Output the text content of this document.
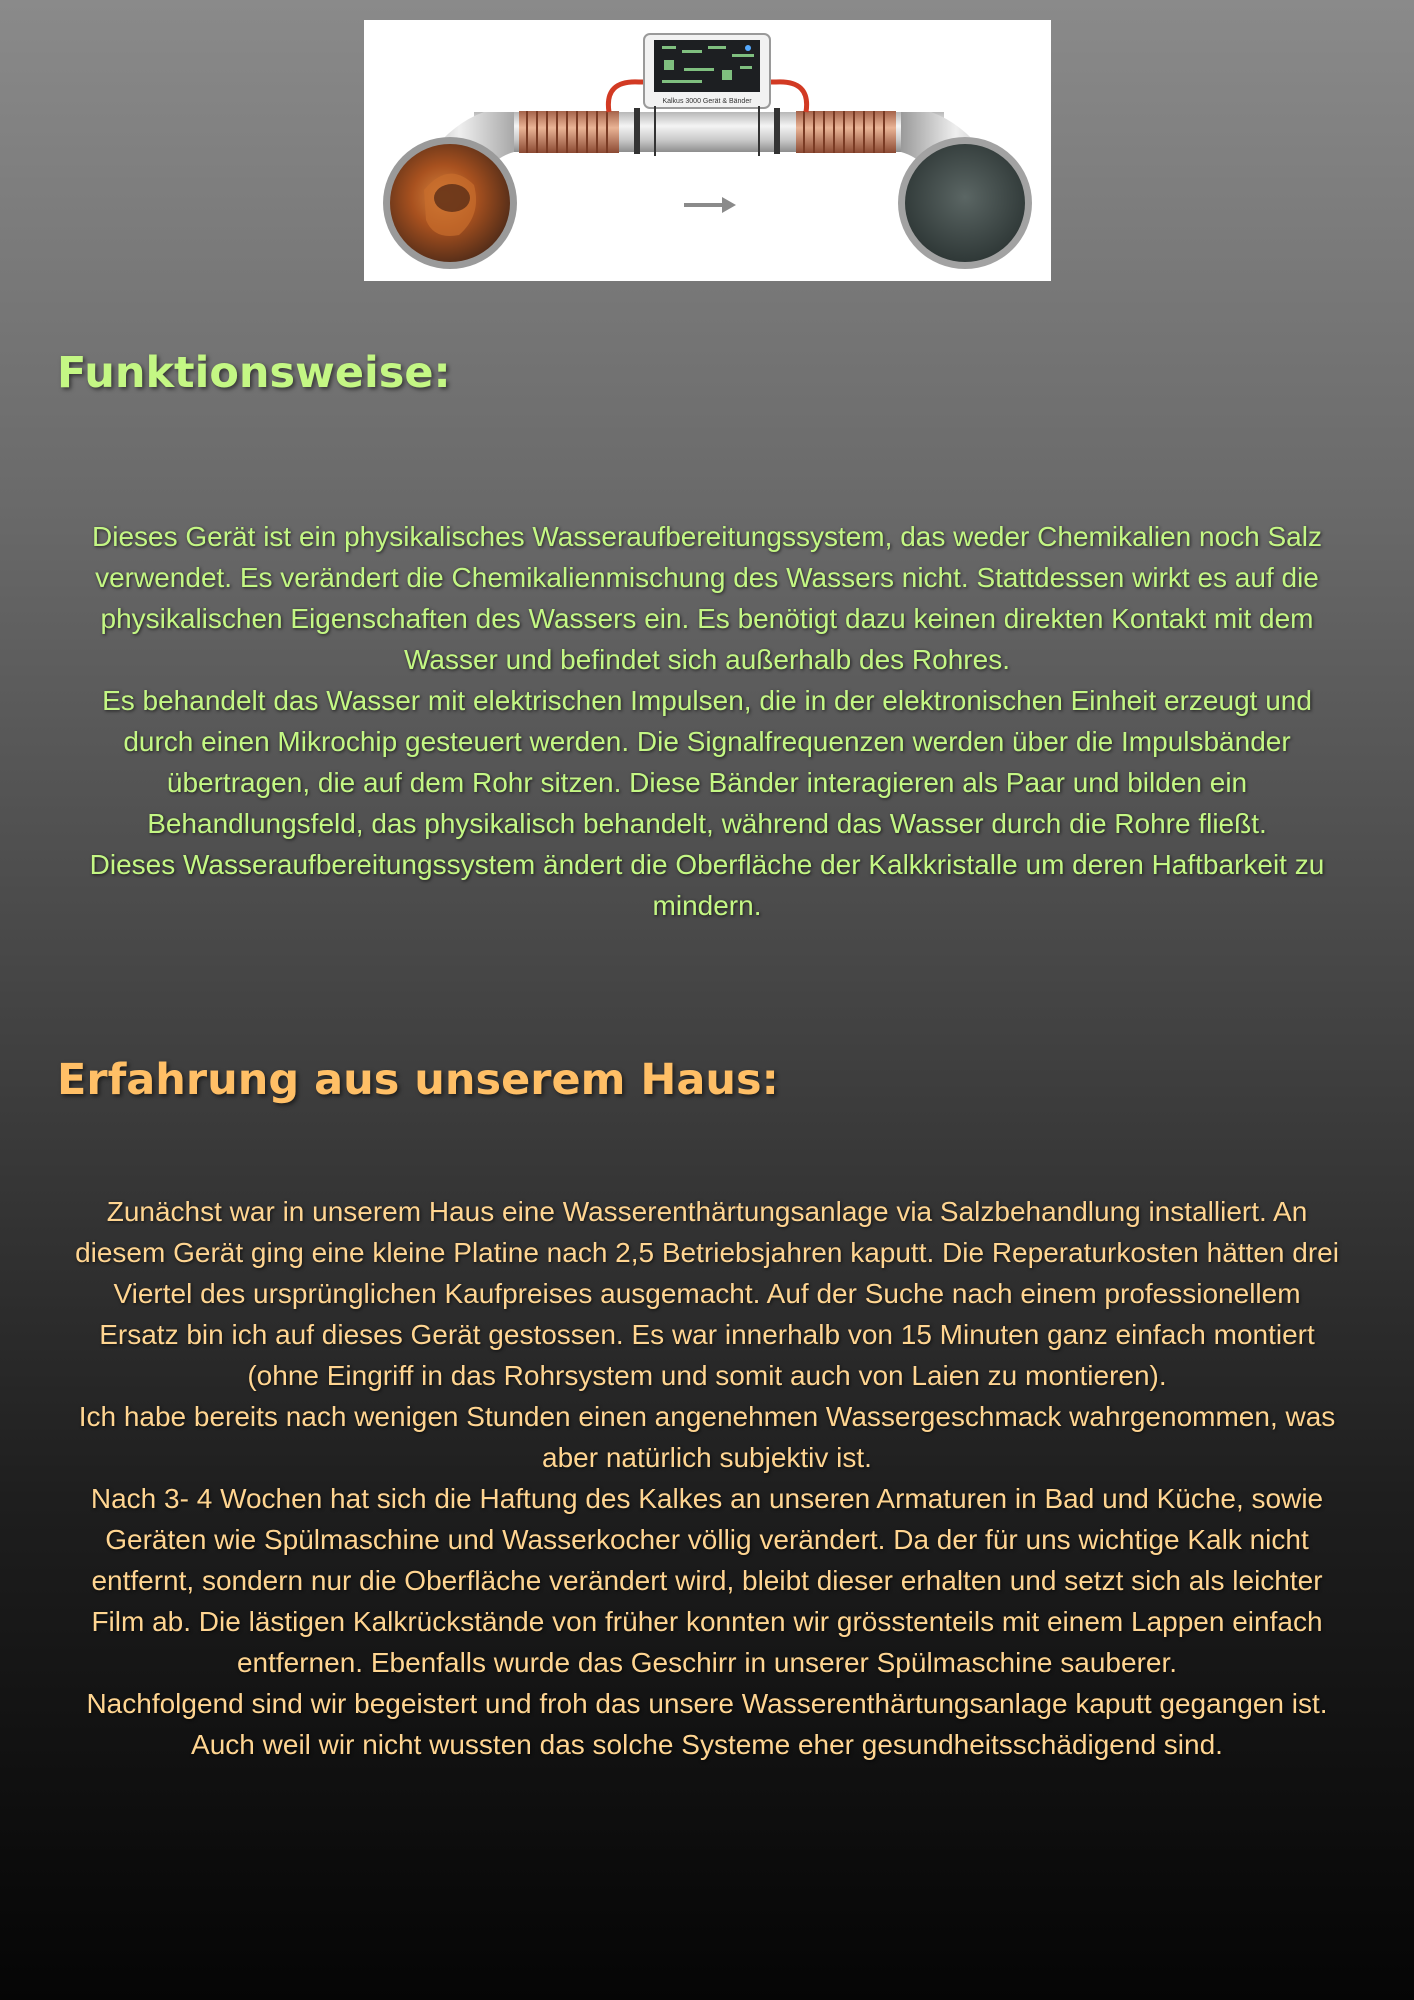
Kalkus 3000 Gerät & Bänder
Funktionsweise:

Dieses Gerät ist ein physikalisches Wasseraufbereitungssystem, das weder Chemikalien noch Salz verwendet. Es verändert die Chemikalienmischung des Wassers nicht. Stattdessen wirkt es auf die physikalischen Eigenschaften des Wassers ein. Es benötigt dazu keinen direkten Kontakt mit dem Wasser und befindet sich außerhalb des Rohres.

Es behandelt das Wasser mit elektrischen Impulsen, die in der elektronischen Einheit erzeugt und durch einen Mikrochip gesteuert werden. Die Signalfrequenzen werden über die Impulsbänder übertragen, die auf dem Rohr sitzen. Diese Bänder interagieren als Paar und bilden ein Behandlungsfeld, das physikalisch behandelt, während das Wasser durch die Rohre fließt.

Dieses Wasseraufbereitungssystem ändert die Oberfläche der Kalkkristalle um deren Haftbarkeit zu mindern.

Erfahrung aus unserem Haus:

Zunächst war in unserem Haus eine Wasserenthärtungsanlage via Salzbehandlung installiert. An diesem Gerät ging eine kleine Platine nach 2,5 Betriebsjahren kaputt. Die Reperaturkosten hätten drei Viertel des ursprünglichen Kaufpreises ausgemacht. Auf der Suche nach einem professionellem Ersatz bin ich auf dieses Gerät gestossen. Es war innerhalb von 15 Minuten ganz einfach montiert (ohne Eingriff in das Rohrsystem und somit auch von Laien zu montieren).

Ich habe bereits nach wenigen Stunden einen angenehmen Wassergeschmack wahrgenommen, was aber natürlich subjektiv ist.

Nach 3- 4 Wochen hat sich die Haftung des Kalkes an unseren Armaturen in Bad und Küche, sowie Geräten wie Spülmaschine und Wasserkocher völlig verändert. Da der für uns wichtige Kalk nicht entfernt, sondern nur die Oberfläche verändert wird, bleibt dieser erhalten und setzt sich als leichter Film ab. Die lästigen Kalkrückstände von früher konnten wir grösstenteils mit einem Lappen einfach entfernen. Ebenfalls wurde das Geschirr in unserer Spülmaschine sauberer.

Nachfolgend sind wir begeistert und froh das unsere Wasserenthärtungsanlage kaputt gegangen ist. Auch weil wir nicht wussten das solche Systeme eher gesundheitsschädigend sind.
